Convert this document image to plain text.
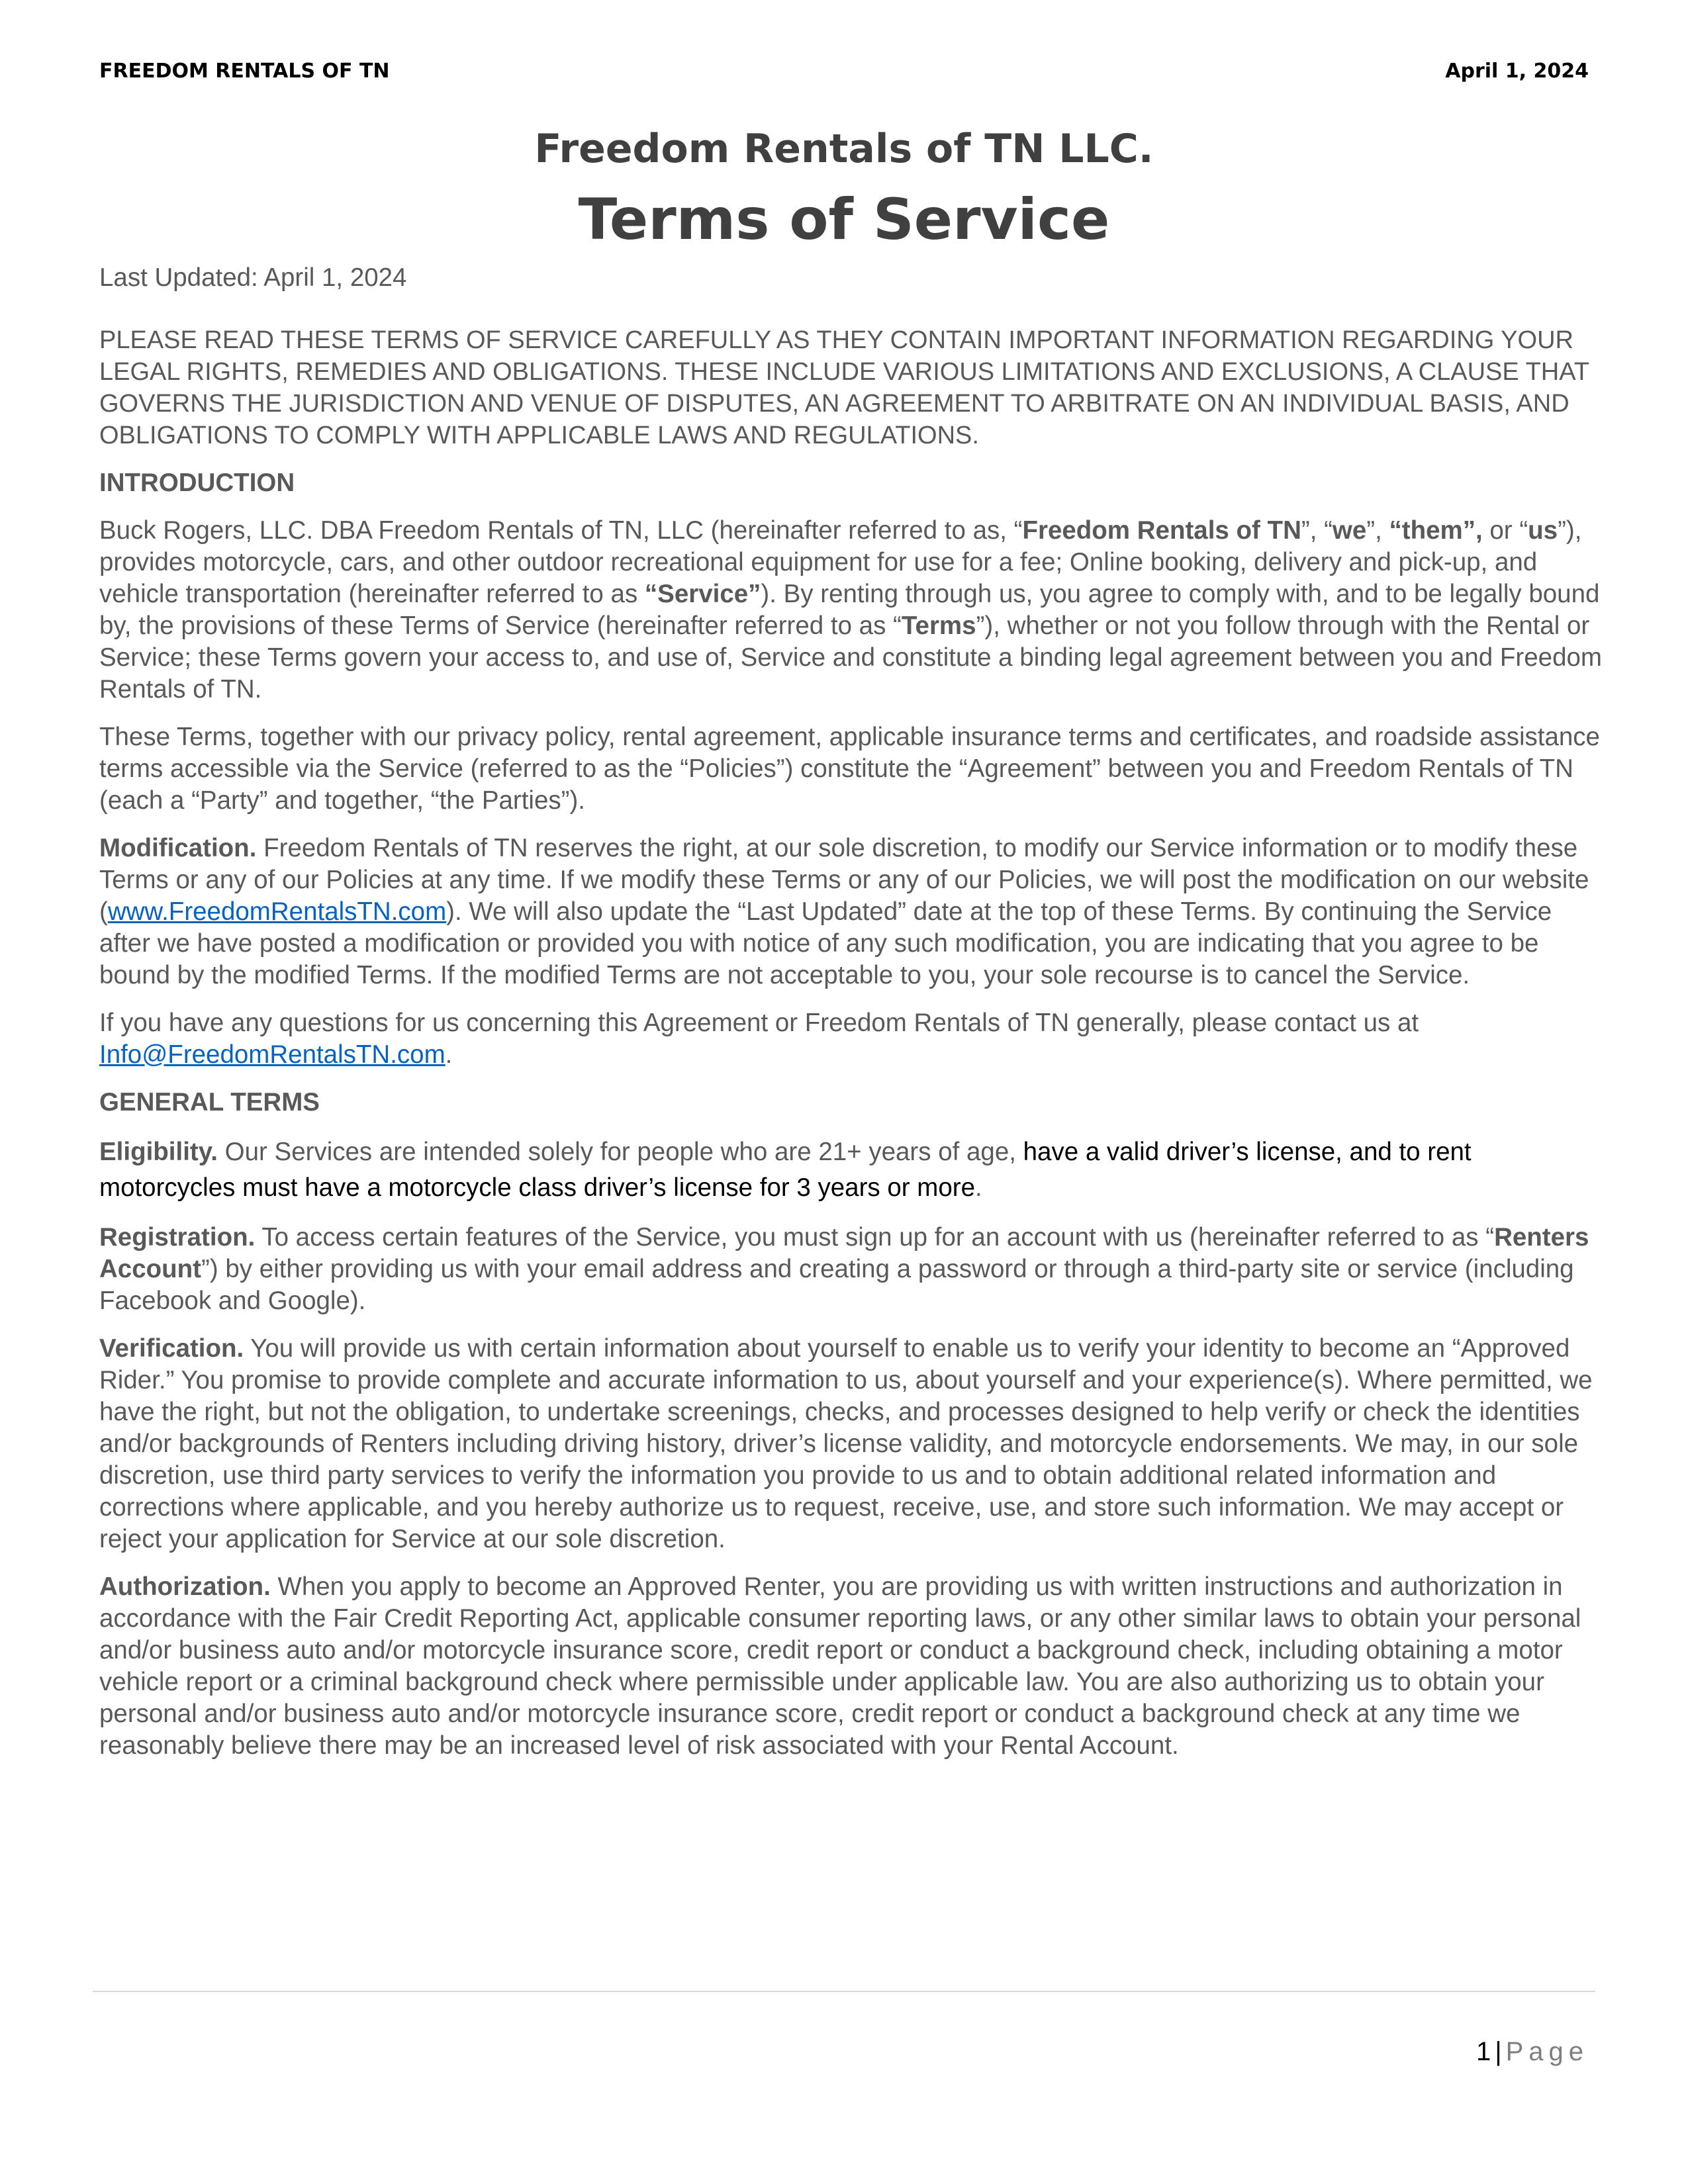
FREEDOM RENTALS OF TN	April 1, 2024
Freedom Rentals of TN LLC.
Terms of Service

Last Updated: April 1, 2024

PLEASE READ THESE TERMS OF SERVICE CAREFULLY AS THEY CONTAIN IMPORTANT INFORMATION REGARDING YOUR LEGAL RIGHTS, REMEDIES AND OBLIGATIONS. THESE INCLUDE VARIOUS LIMITATIONS AND EXCLUSIONS, A CLAUSE THAT GOVERNS THE JURISDICTION AND VENUE OF DISPUTES, AN AGREEMENT TO ARBITRATE ON AN INDIVIDUAL BASIS, AND OBLIGATIONS TO COMPLY WITH APPLICABLE LAWS AND REGULATIONS.

INTRODUCTION

Buck Rogers, LLC. DBA Freedom Rentals of TN, LLC (hereinafter referred to as, “Freedom Rentals of TN”, “we”, “them”, or “us”), provides motorcycle, cars, and other outdoor recreational equipment for use for a fee; Online booking, delivery and pick-up, and vehicle transportation (hereinafter referred to as “Service”). By renting through us, you agree to comply with, and to be legally bound by, the provisions of these Terms of Service (hereinafter referred to as “Terms”), whether or not you follow through with the Rental or Service; these Terms govern your access to, and use of, Service and constitute a binding legal agreement between you and Freedom Rentals of TN.

These Terms, together with our privacy policy, rental agreement, applicable insurance terms and certificates, and roadside assistance terms accessible via the Service (referred to as the “Policies”) constitute the “Agreement” between you and Freedom Rentals of TN (each a “Party” and together, “the Parties”).

Modification. Freedom Rentals of TN reserves the right, at our sole discretion, to modify our Service information or to modify these Terms or any of our Policies at any time. If we modify these Terms or any of our Policies, we will post the modification on our website (www.FreedomRentalsTN.com). We will also update the “Last Updated” date at the top of these Terms. By continuing the Service after we have posted a modification or provided you with notice of any such modification, you are indicating that you agree to be bound by the modified Terms. If the modified Terms are not acceptable to you, your sole recourse is to cancel the Service.

If you have any questions for us concerning this Agreement or Freedom Rentals of TN generally, please contact us at Info@FreedomRentalsTN.com.

GENERAL TERMS

Eligibility. Our Services are intended solely for people who are 21+ years of age, have a valid driver’s license, and to rent motorcycles must have a motorcycle class driver’s license for 3 years or more.

Registration. To access certain features of the Service, you must sign up for an account with us (hereinafter referred to as “Renters Account”) by either providing us with your email address and creating a password or through a third-party site or service (including Facebook and Google).

Verification. You will provide us with certain information about yourself to enable us to verify your identity to become an “Approved Rider.” You promise to provide complete and accurate information to us, about yourself and your experience(s). Where permitted, we have the right, but not the obligation, to undertake screenings, checks, and processes designed to help verify or check the identities and/or backgrounds of Renters including driving history, driver’s license validity, and motorcycle endorsements. We may, in our sole discretion, use third party services to verify the information you provide to us and to obtain additional related information and corrections where applicable, and you hereby authorize us to request, receive, use, and store such information. We may accept or reject your application for Service at our sole discretion.

Authorization. When you apply to become an Approved Renter, you are providing us with written instructions and authorization in accordance with the Fair Credit Reporting Act, applicable consumer reporting laws, or any other similar laws to obtain your personal and/or business auto and/or motorcycle insurance score, credit report or conduct a background check, including obtaining a motor vehicle report or a criminal background check where permissible under applicable law. You are also authorizing us to obtain your personal and/or business auto and/or motorcycle insurance score, credit report or conduct a background check at any time we reasonably believe there may be an increased level of risk associated with your Rental Account.

1 | Page
